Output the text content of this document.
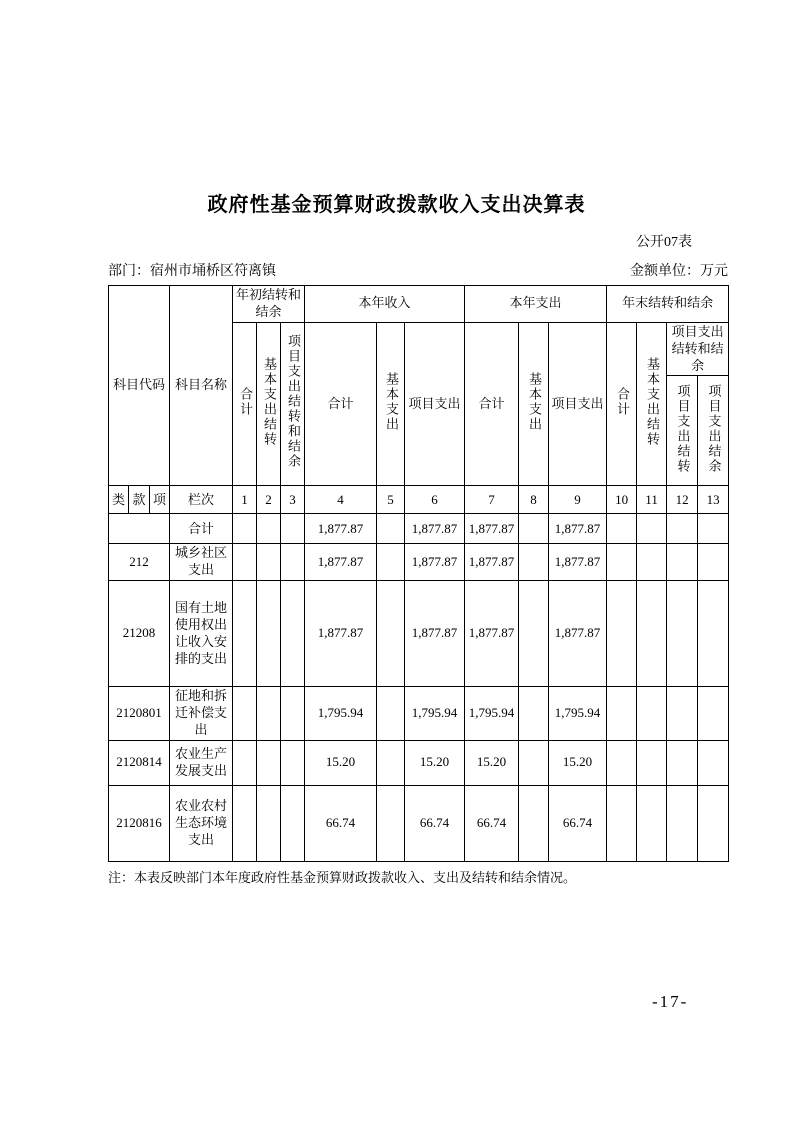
政府性基金预算财政拨款收入支出决算表
公开07表
部门：宿州市埇桥区符离镇	金额单位：万元
科目代码			科目名称	年初结转和结余			本年收入			本年支出			年末结转和结余			
				合计	基本支出结转	项目支出结转和结余	合计	基本支出	项目支出	合计	基本支出	项目支出	合计	基本支出结转	项目支出结转和结余	
															项目支出结转	项目支出结余
类	款	项	栏次	1	2	3	4	5	6	7	8	9	10	11	12	13
			合计				1,877.87		1,877.87	1,877.87		1,877.87				
212			城乡社区支出				1,877.87		1,877.87	1,877.87		1,877.87				
21208			国有土地使用权出让收入安排的支出				1,877.87		1,877.87	1,877.87		1,877.87				
2120801			征地和拆迁补偿支出				1,795.94		1,795.94	1,795.94		1,795.94				
2120814			农业生产发展支出				15.20		15.20	15.20		15.20				
2120816			农业农村生态环境支出				66.74		66.74	66.74		66.74				
注：本表反映部门本年度政府性基金预算财政拨款收入、支出及结转和结余情况。
-17-
